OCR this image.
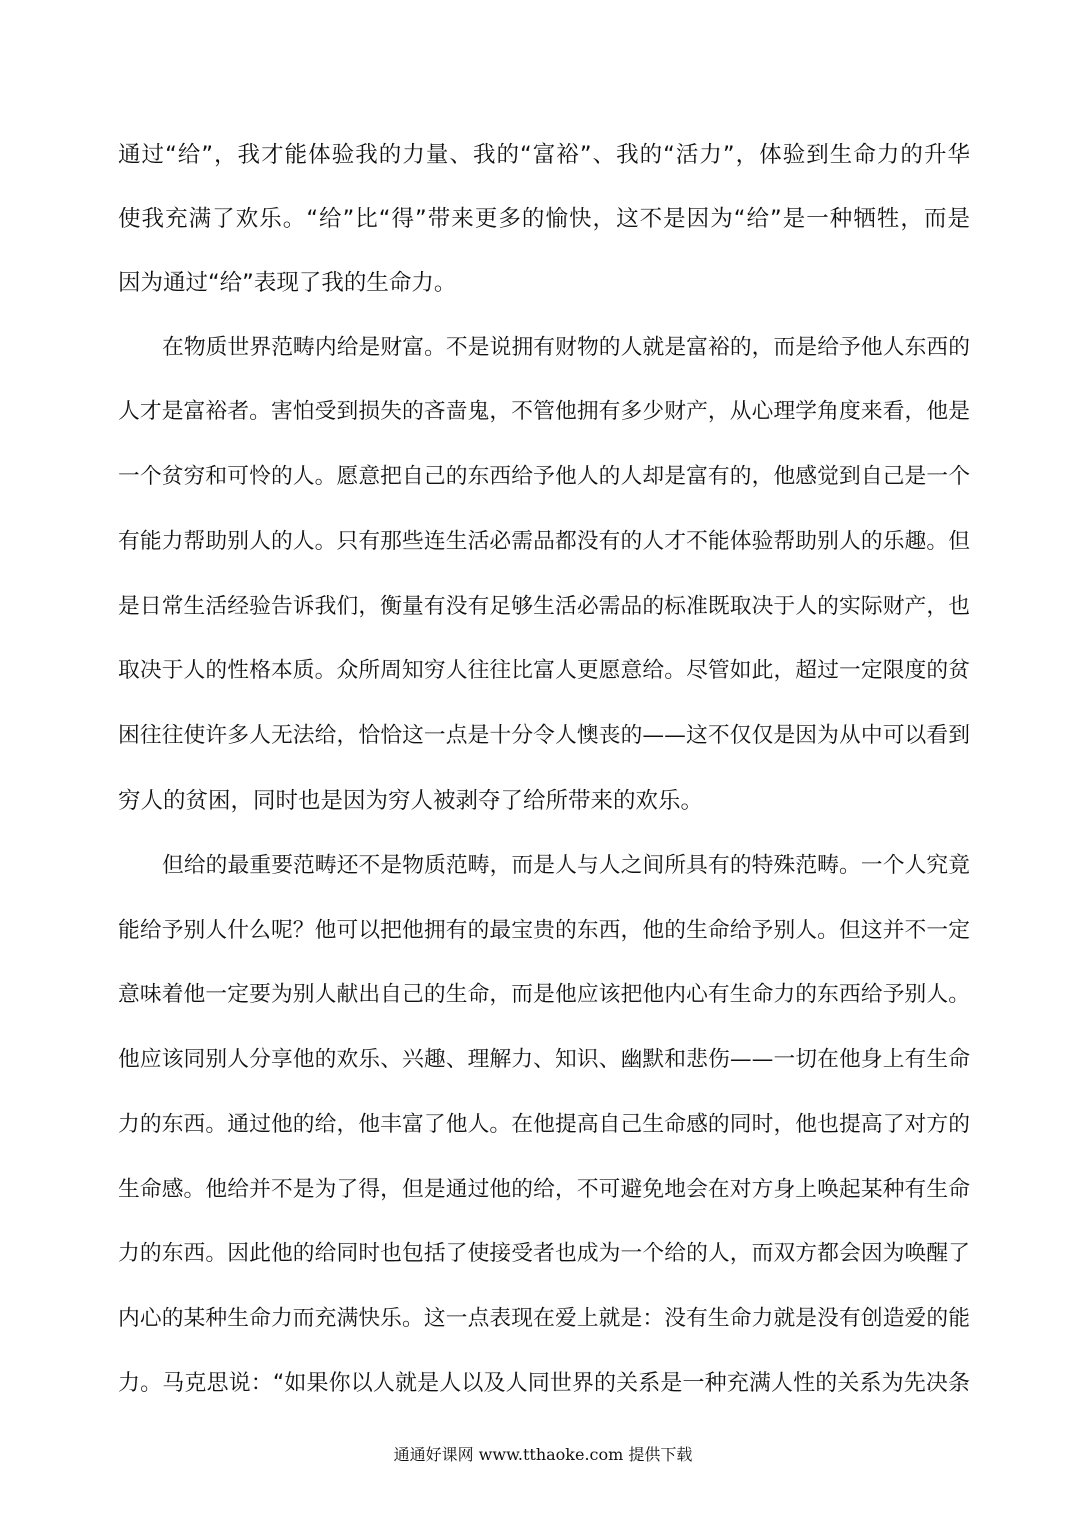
通过“给”，我才能体验我的力量、我的“富裕”、我的“活力”，体验到生命力的升华
使我充满了欢乐。“给”比“得”带来更多的愉快，这不是因为“给”是一种牺牲，而是
因为通过“给”表现了我的生命力。
在物质世界范畴内给是财富。不是说拥有财物的人就是富裕的，而是给予他人东西的
人才是富裕者。害怕受到损失的吝啬鬼，不管他拥有多少财产，从心理学角度来看，他是
一个贫穷和可怜的人。愿意把自己的东西给予他人的人却是富有的，他感觉到自己是一个
有能力帮助别人的人。只有那些连生活必需品都没有的人才不能体验帮助别人的乐趣。但
是日常生活经验告诉我们，衡量有没有足够生活必需品的标准既取决于人的实际财产，也
取决于人的性格本质。众所周知穷人往往比富人更愿意给。尽管如此，超过一定限度的贫
困往往使许多人无法给，恰恰这一点是十分令人懊丧的——这不仅仅是因为从中可以看到
穷人的贫困，同时也是因为穷人被剥夺了给所带来的欢乐。
但给的最重要范畴还不是物质范畴，而是人与人之间所具有的特殊范畴。一个人究竟
能给予别人什么呢？他可以把他拥有的最宝贵的东西，他的生命给予别人。但这并不一定
意味着他一定要为别人献出自己的生命，而是他应该把他内心有生命力的东西给予别人。
他应该同别人分享他的欢乐、兴趣、理解力、知识、幽默和悲伤——一切在他身上有生命
力的东西。通过他的给，他丰富了他人。在他提高自己生命感的同时，他也提高了对方的
生命感。他给并不是为了得，但是通过他的给，不可避免地会在对方身上唤起某种有生命
力的东西。因此他的给同时也包括了使接受者也成为一个给的人，而双方都会因为唤醒了
内心的某种生命力而充满快乐。这一点表现在爱上就是：没有生命力就是没有创造爱的能
力。马克思说：“如果你以人就是人以及人同世界的关系是一种充满人性的关系为先决条
通通好课网 www.tthaoke.com 提供下载
